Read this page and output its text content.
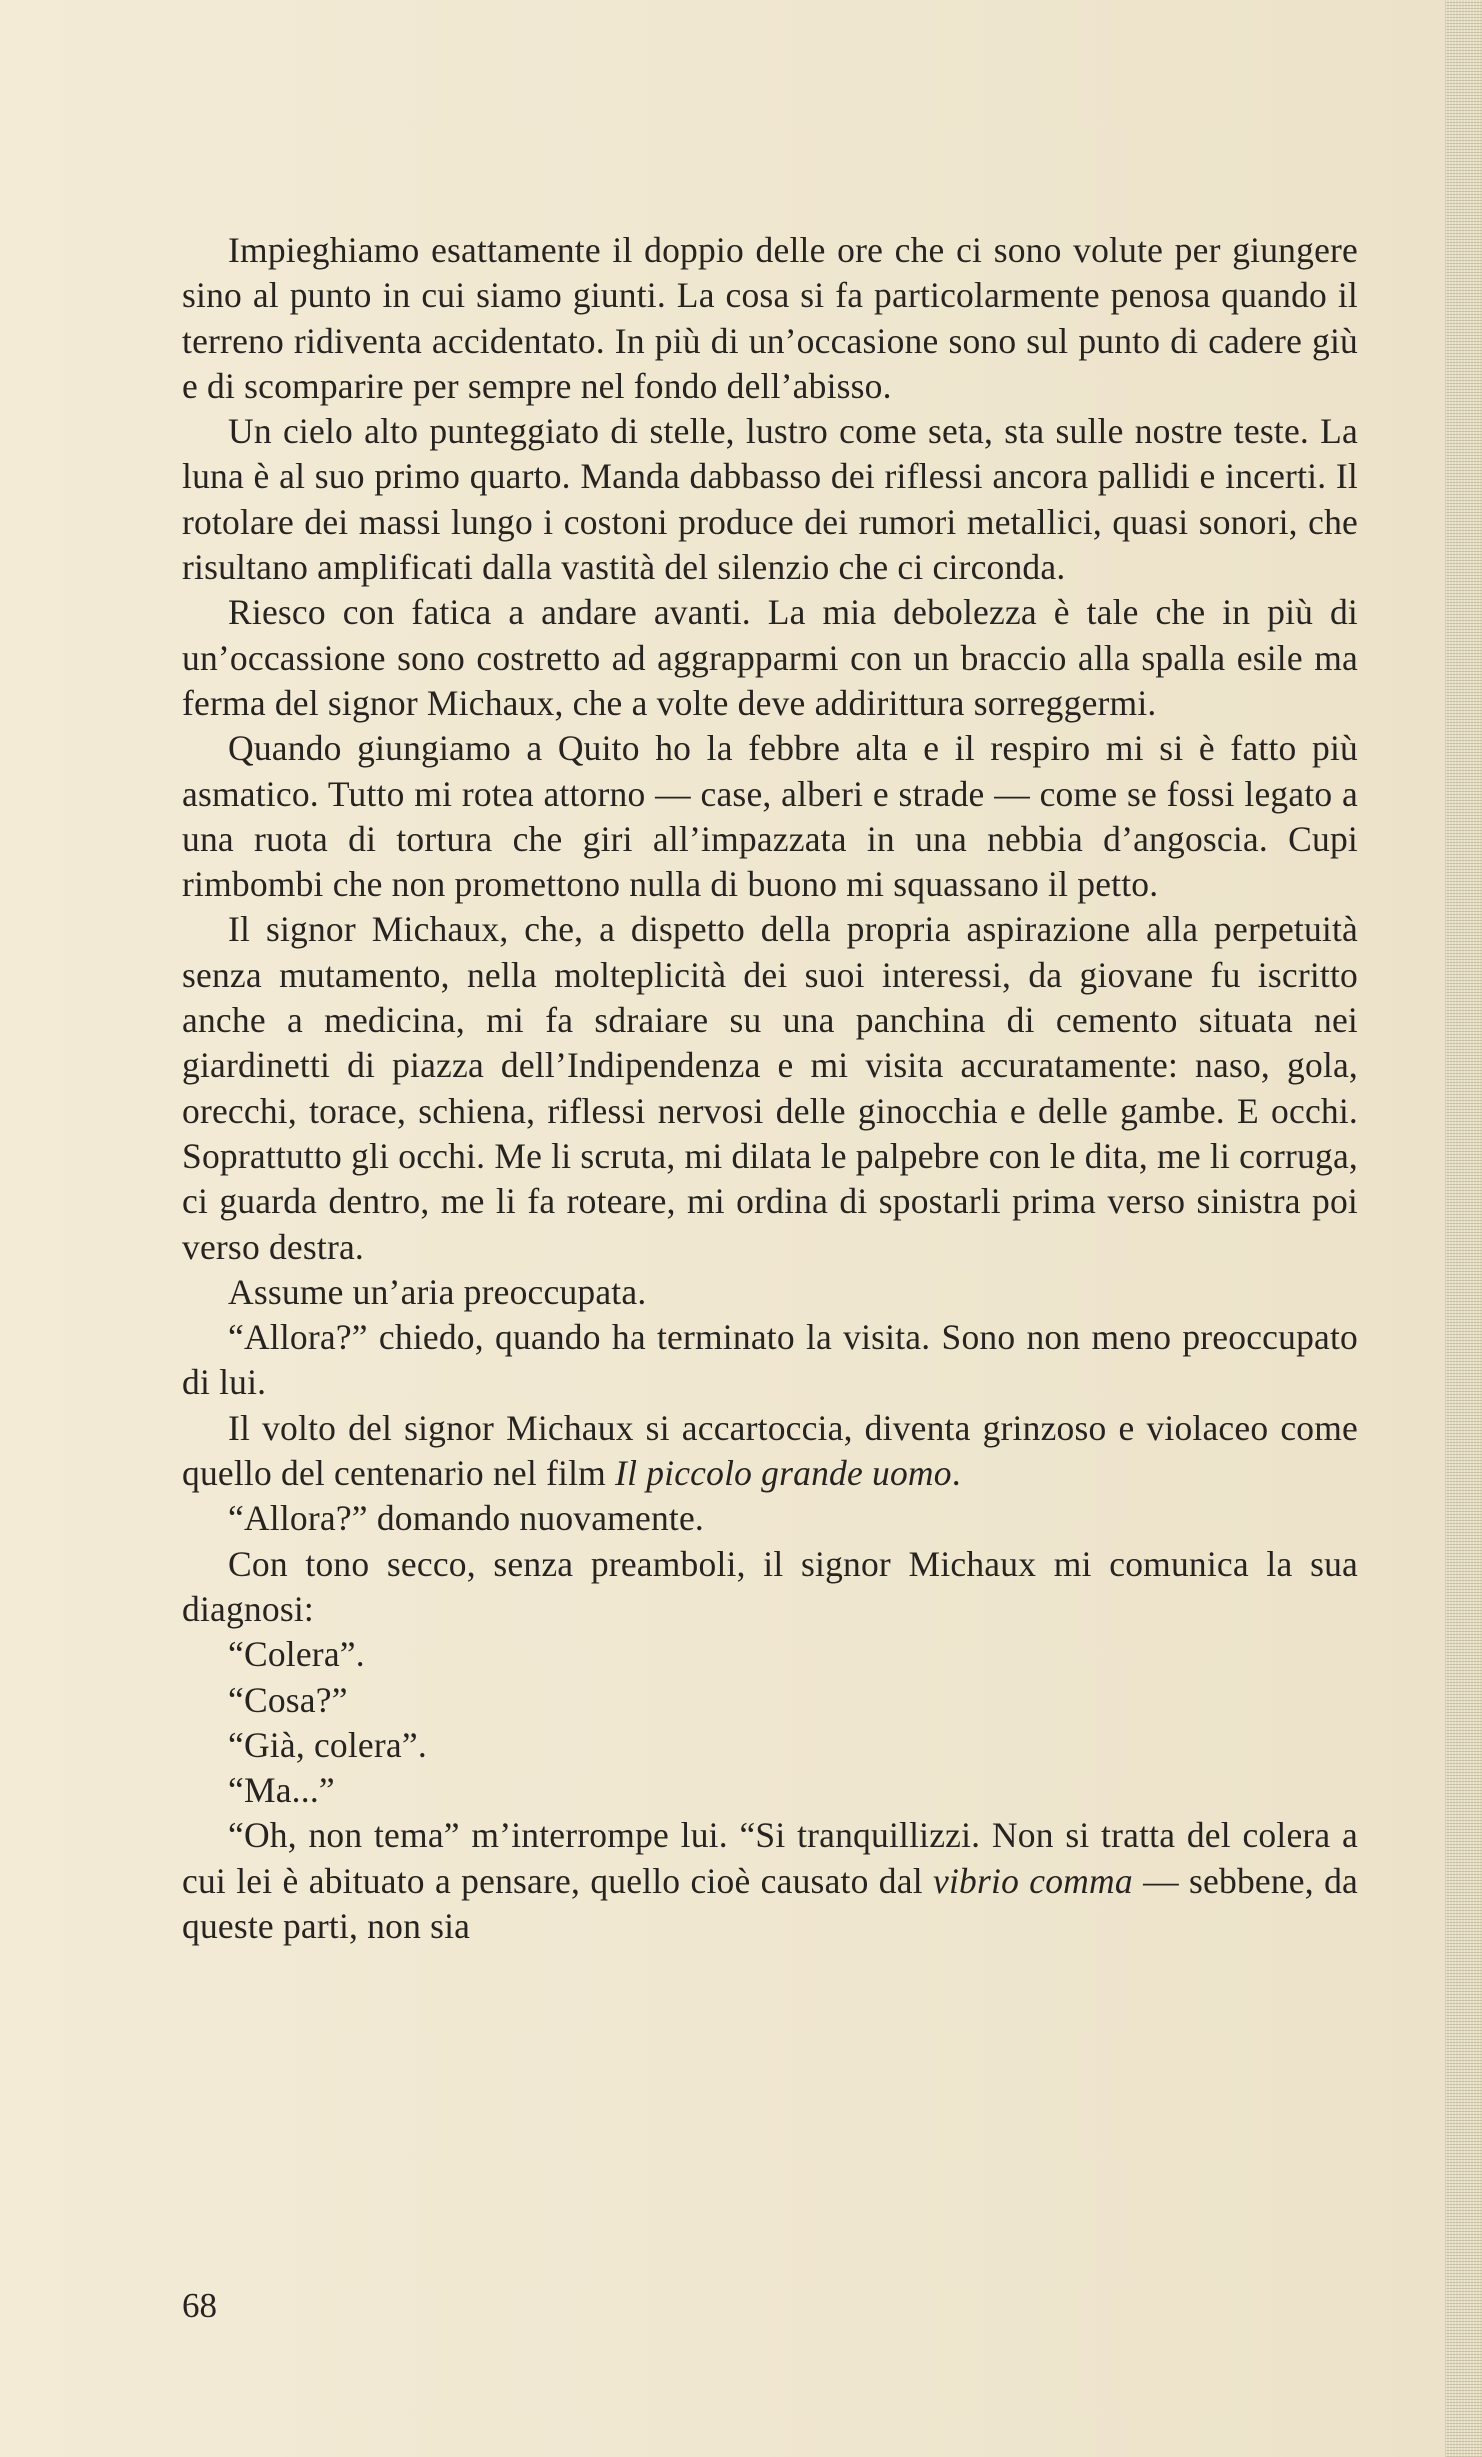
Impieghiamo esattamente il doppio delle ore che ci sono volute per giungere sino al punto in cui siamo giunti. La cosa si fa particolarmente penosa quando il terreno ridiventa accidentato. In più di un’occasione sono sul punto di cadere giù e di scomparire per sempre nel fondo dell’abisso.

Un cielo alto punteggiato di stelle, lustro come seta, sta sulle nostre teste. La luna è al suo primo quarto. Manda dabbasso dei riflessi ancora pallidi e incerti. Il rotolare dei massi lungo i costoni produce dei rumori metallici, quasi sonori, che risultano amplificati dalla vastità del silenzio che ci circonda.

Riesco con fatica a andare avanti. La mia debolezza è tale che in più di un’occassione sono costretto ad aggrapparmi con un braccio alla spalla esile ma ferma del signor Michaux, che a volte deve addirittura sorreggermi.

Quando giungiamo a Quito ho la febbre alta e il respiro mi si è fatto più asmatico. Tutto mi rotea attorno — case, alberi e strade — come se fossi legato a una ruota di tortura che giri all’impazzata in una nebbia d’angoscia. Cupi rimbombi che non promettono nulla di buono mi squassano il petto.

Il signor Michaux, che, a dispetto della propria aspirazione alla perpetuità senza mutamento, nella molteplicità dei suoi interessi, da giovane fu iscritto anche a medicina, mi fa sdraiare su una panchina di cemento situata nei giardinetti di piazza dell’Indipendenza e mi visita accuratamente: naso, gola, orecchi, torace, schiena, riflessi nervosi delle ginocchia e delle gambe. E occhi. Soprattutto gli occhi. Me li scruta, mi dilata le palpebre con le dita, me li corruga, ci guarda dentro, me li fa roteare, mi ordina di spostarli prima verso sinistra poi verso destra.

Assume un’aria preoccupata.

“Allora?” chiedo, quando ha terminato la visita. Sono non meno preoccupato di lui.

Il volto del signor Michaux si accartoccia, diventa grinzoso e violaceo come quello del centenario nel film Il piccolo grande uomo.

“Allora?” domando nuovamente.

Con tono secco, senza preamboli, il signor Michaux mi comunica la sua diagnosi:

“Colera”.

“Cosa?”

“Già, colera”.

“Ma...”

“Oh, non tema” m’interrompe lui. “Si tranquillizzi. Non si tratta del colera a cui lei è abituato a pensare, quello cioè causato dal vibrio comma — sebbene, da queste parti, non sia

68
